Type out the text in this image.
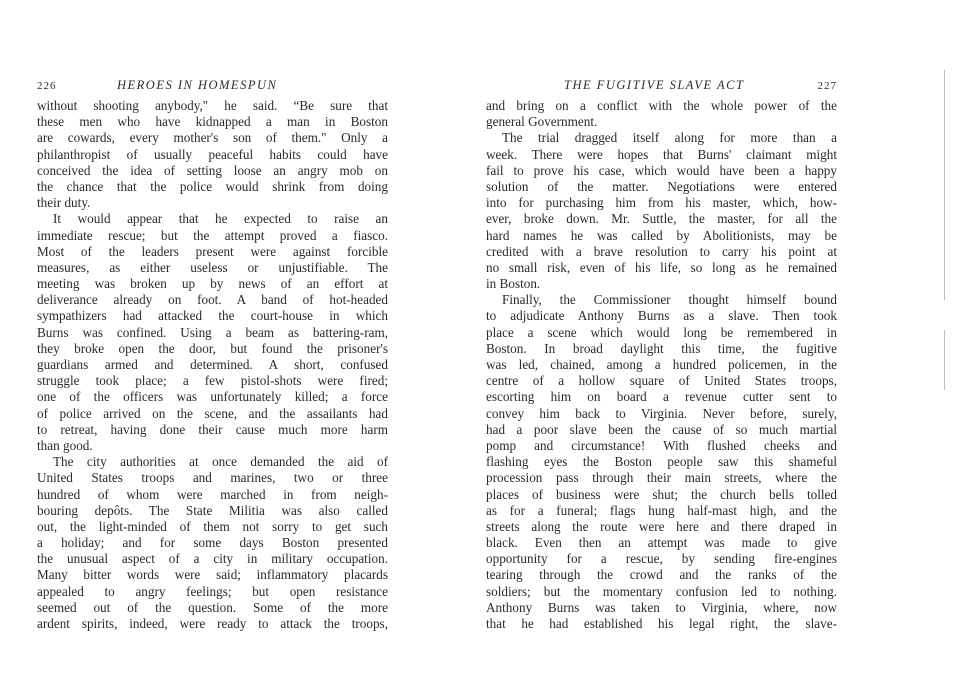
226	HEROES IN HOMESPUN
without shooting anybody," he said. “Be sure that
these men who have kidnapped a man in Boston
are cowards, every mother's son of them." Only a
philanthropist of usually peaceful habits could have
conceived the idea of setting loose an angry mob on
the chance that the police would shrink from doing
their duty.
It would appear that he expected to raise an
immediate rescue; but the attempt proved a fiasco.
Most of the leaders present were against forcible
measures, as either useless or unjustifiable. The
meeting was broken up by news of an effort at
deliverance already on foot. A band of hot-headed
sympathizers had attacked the court-house in which
Burns was confined. Using a beam as battering-ram,
they broke open the door, but found the prisoner's
guardians armed and determined. A short, confused
struggle took place; a few pistol-shots were fired;
one of the officers was unfortunately killed; a force
of police arrived on the scene, and the assailants had
to retreat, having done their cause much more harm
than good.
The city authorities at once demanded the aid of
United States troops and marines, two or three
hundred of whom were marched in from neigh-
bouring depôts. The State Militia was also called
out, the light-minded of them not sorry to get such
a holiday; and for some days Boston presented
the unusual aspect of a city in military occupation.
Many bitter words were said; inflammatory placards
appealed to angry feelings; but open resistance
seemed out of the question. Some of the more
ardent spirits, indeed, were ready to attack the troops,
THE FUGITIVE SLAVE ACT	227
and bring on a conflict with the whole power of the
general Government.
The trial dragged itself along for more than a
week. There were hopes that Burns' claimant might
fail to prove his case, which would have been a happy
solution of the matter. Negotiations were entered
into for purchasing him from his master, which, how-
ever, broke down. Mr. Suttle, the master, for all the
hard names he was called by Abolitionists, may be
credited with a brave resolution to carry his point at
no small risk, even of his life, so long as he remained
in Boston.
Finally, the Commissioner thought himself bound
to adjudicate Anthony Burns as a slave. Then took
place a scene which would long be remembered in
Boston. In broad daylight this time, the fugitive
was led, chained, among a hundred policemen, in the
centre of a hollow square of United States troops,
escorting him on board a revenue cutter sent to
convey him back to Virginia. Never before, surely,
had a poor slave been the cause of so much martial
pomp and circumstance! With flushed cheeks and
flashing eyes the Boston people saw this shameful
procession pass through their main streets, where the
places of business were shut; the church bells tolled
as for a funeral; flags hung half-mast high, and the
streets along the route were here and there draped in
black. Even then an attempt was made to give
opportunity for a rescue, by sending fire-engines
tearing through the crowd and the ranks of the
soldiers; but the momentary confusion led to nothing.
Anthony Burns was taken to Virginia, where, now
that he had established his legal right, the slave-
